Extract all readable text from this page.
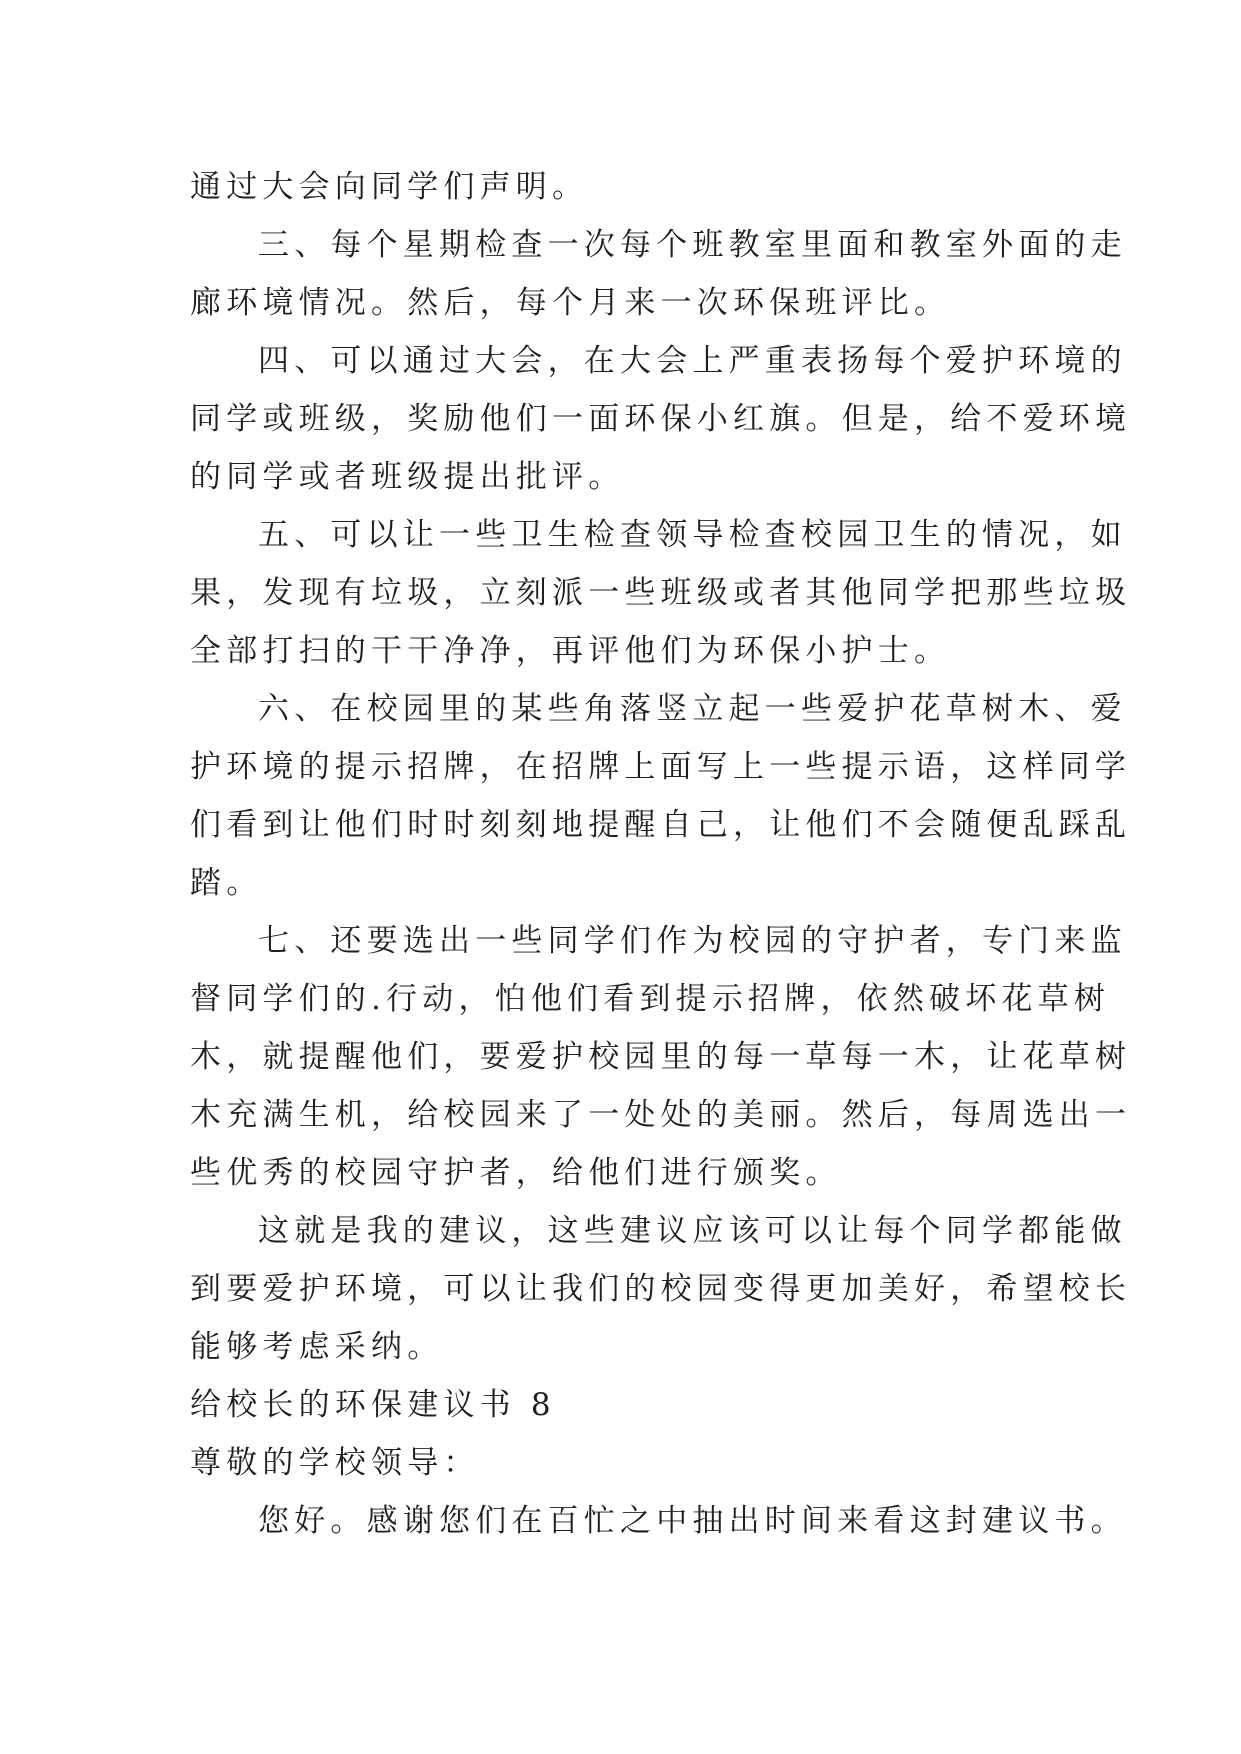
通过大会向同学们声明。
三、每个星期检查一次每个班教室里面和教室外面的走
廊环境情况。然后，每个月来一次环保班评比。
四、可以通过大会，在大会上严重表扬每个爱护环境的
同学或班级，奖励他们一面环保小红旗。但是，给不爱环境
的同学或者班级提出批评。
五、可以让一些卫生检查领导检查校园卫生的情况，如
果，发现有垃圾，立刻派一些班级或者其他同学把那些垃圾
全部打扫的干干净净，再评他们为环保小护士。
六、在校园里的某些角落竖立起一些爱护花草树木、爱
护环境的提示招牌，在招牌上面写上一些提示语，这样同学
们看到让他们时时刻刻地提醒自己，让他们不会随便乱踩乱
踏。
七、还要选出一些同学们作为校园的守护者，专门来监
督同学们的.行动，怕他们看到提示招牌，依然破坏花草树
木，就提醒他们，要爱护校园里的每一草每一木，让花草树
木充满生机，给校园来了一处处的美丽。然后，每周选出一
些优秀的校园守护者，给他们进行颁奖。
这就是我的建议，这些建议应该可以让每个同学都能做
到要爱护环境，可以让我们的校园变得更加美好，希望校长
能够考虑采纳。
给校长的环保建议书 8
尊敬的学校领导：
您好。感谢您们在百忙之中抽出时间来看这封建议书。
